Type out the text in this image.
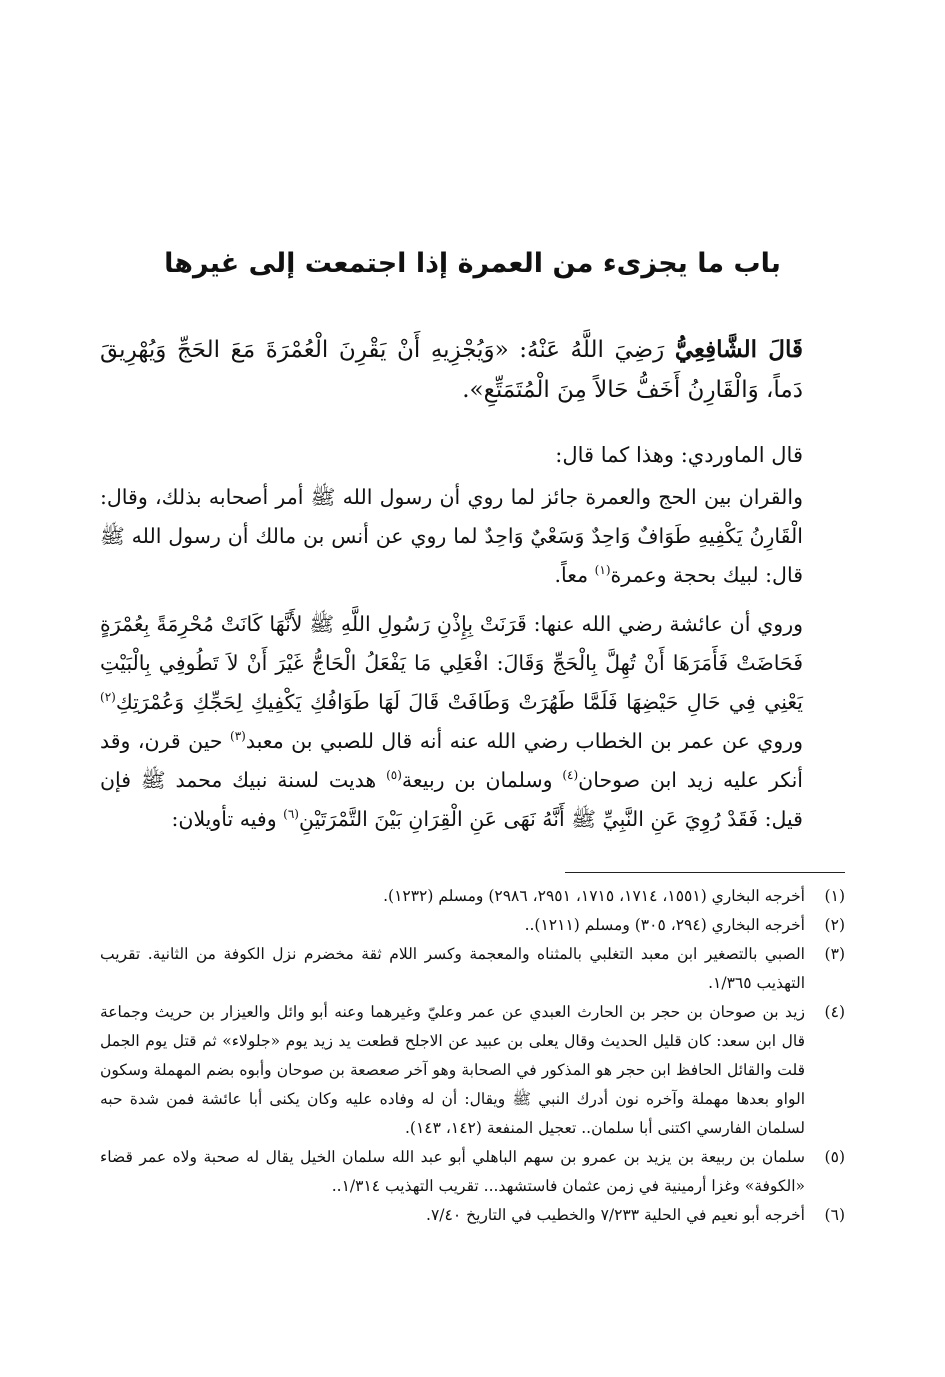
باب ما يجزىء من العمرة إذا اجتمعت إلى غيرها

قَالَ الشَّافِعِيُّ رَضِيَ اللَّهُ عَنْهُ: «وَيُجْزِيهِ أَنْ يَقْرِنَ الْعُمْرَةَ مَعَ الحَجِّ وَيُهْرِيقَ دَماً، وَالْقَارِنُ أَخَفُّ حَالاً مِنَ الْمُتَمَتِّعِ».

قال الماوردي: وهذا كما قال:

والقران بين الحج والعمرة جائز لما روي أن رسول الله ﷺ أمر أصحابه بذلك، وقال: الْقَارِنُ يَكْفِيهِ طَوَافٌ وَاحِدٌ وَسَعْيٌ وَاحِدٌ لما روي عن أنس بن مالك أن رسول الله ﷺ قال: لبيك بحجة وعمرة$^{(١)}$ معاً.

وروي أن عائشة رضي الله عنها: قَرَنَتْ بِإِذْنِ رَسُولِ اللَّهِ ﷺ لأَنَّهَا كَانَتْ مُحْرِمَةً بِعُمْرَةٍ فَحَاضَتْ فَأَمَرَهَا أَنْ تُهِلَّ بِالْحَجِّ وَقَالَ: افْعَلِي مَا يَفْعَلُ الْحَاجُّ غَيْرَ أَنْ لاَ تَطُوفِي بِالْبَيْتِ يَعْنِي فِي حَالِ حَيْضِهَا فَلَمَّا طَهُرَتْ وَطَافَتْ قَالَ لَهَا طَوَافُكِ يَكْفِيكِ لِحَجِّكِ وَعُمْرَتِكِ$^{(٢)}$ وروي عن عمر بن الخطاب رضي الله عنه أنه قال للصبي بن معبد$^{(٣)}$ حين قرن، وقد أنكر عليه زيد ابن صوحان$^{(٤)}$ وسلمان بن ربيعة$^{(٥)}$ هديت لسنة نبيك محمد ﷺ فإن قيل: فَقَدْ رُوِيَ عَنِ النَّبِيِّ ﷺ أَنَّهُ نَهَى عَنِ الْقِرَانِ بَيْنَ التَّمْرَتَيْنِ$^{(٦)}$ وفيه تأويلان:

(١)
أخرجه البخاري (١٥٥١، ١٧١٤، ١٧١٥، ٢٩٥١، ٢٩٨٦) ومسلم (١٢٣٢).
(٢)
أخرجه البخاري (٢٩٤، ٣٠٥) ومسلم (١٢١١)..
(٣)
الصبي بالتصغير ابن معبد التغلبي بالمثناه والمعجمة وكسر اللام ثقة مخضرم نزل الكوفة من الثانية. تقريب التهذيب ١/٣٦٥.
(٤)
زيد بن صوحان بن حجر بن الحارث العبدي عن عمر وعليّ وغيرهما وعنه أبو وائل والعيزار بن حريث وجماعة قال ابن سعد: كان قليل الحديث وقال يعلى بن عبيد عن الاجلح قطعت يد زيد يوم «جلولاء» ثم قتل يوم الجمل قلت والقائل الحافظ ابن حجر هو المذكور في الصحابة وهو آخر صعصعة بن صوحان وأبوه بضم المهملة وسكون الواو بعدها مهملة وآخره نون أدرك النبي ﷺ ويقال: أن له وفاده عليه وكان يكنى أبا عائشة فمن شدة حبه لسلمان الفارسي اكتنى أبا سلمان.. تعجيل المنفعة (١٤٢، ١٤٣).
(٥)
سلمان بن ربيعة بن يزيد بن عمرو بن سهم الباهلي أبو عبد الله سلمان الخيل يقال له صحبة ولاه عمر قضاء «الكوفة» وغزا أرمينية في زمن عثمان فاستشهد... تقريب التهذيب ١/٣١٤..
(٦)
أخرجه أبو نعيم في الحلية ٧/٢٣٣ والخطيب في التاريخ ٧/٤٠.
